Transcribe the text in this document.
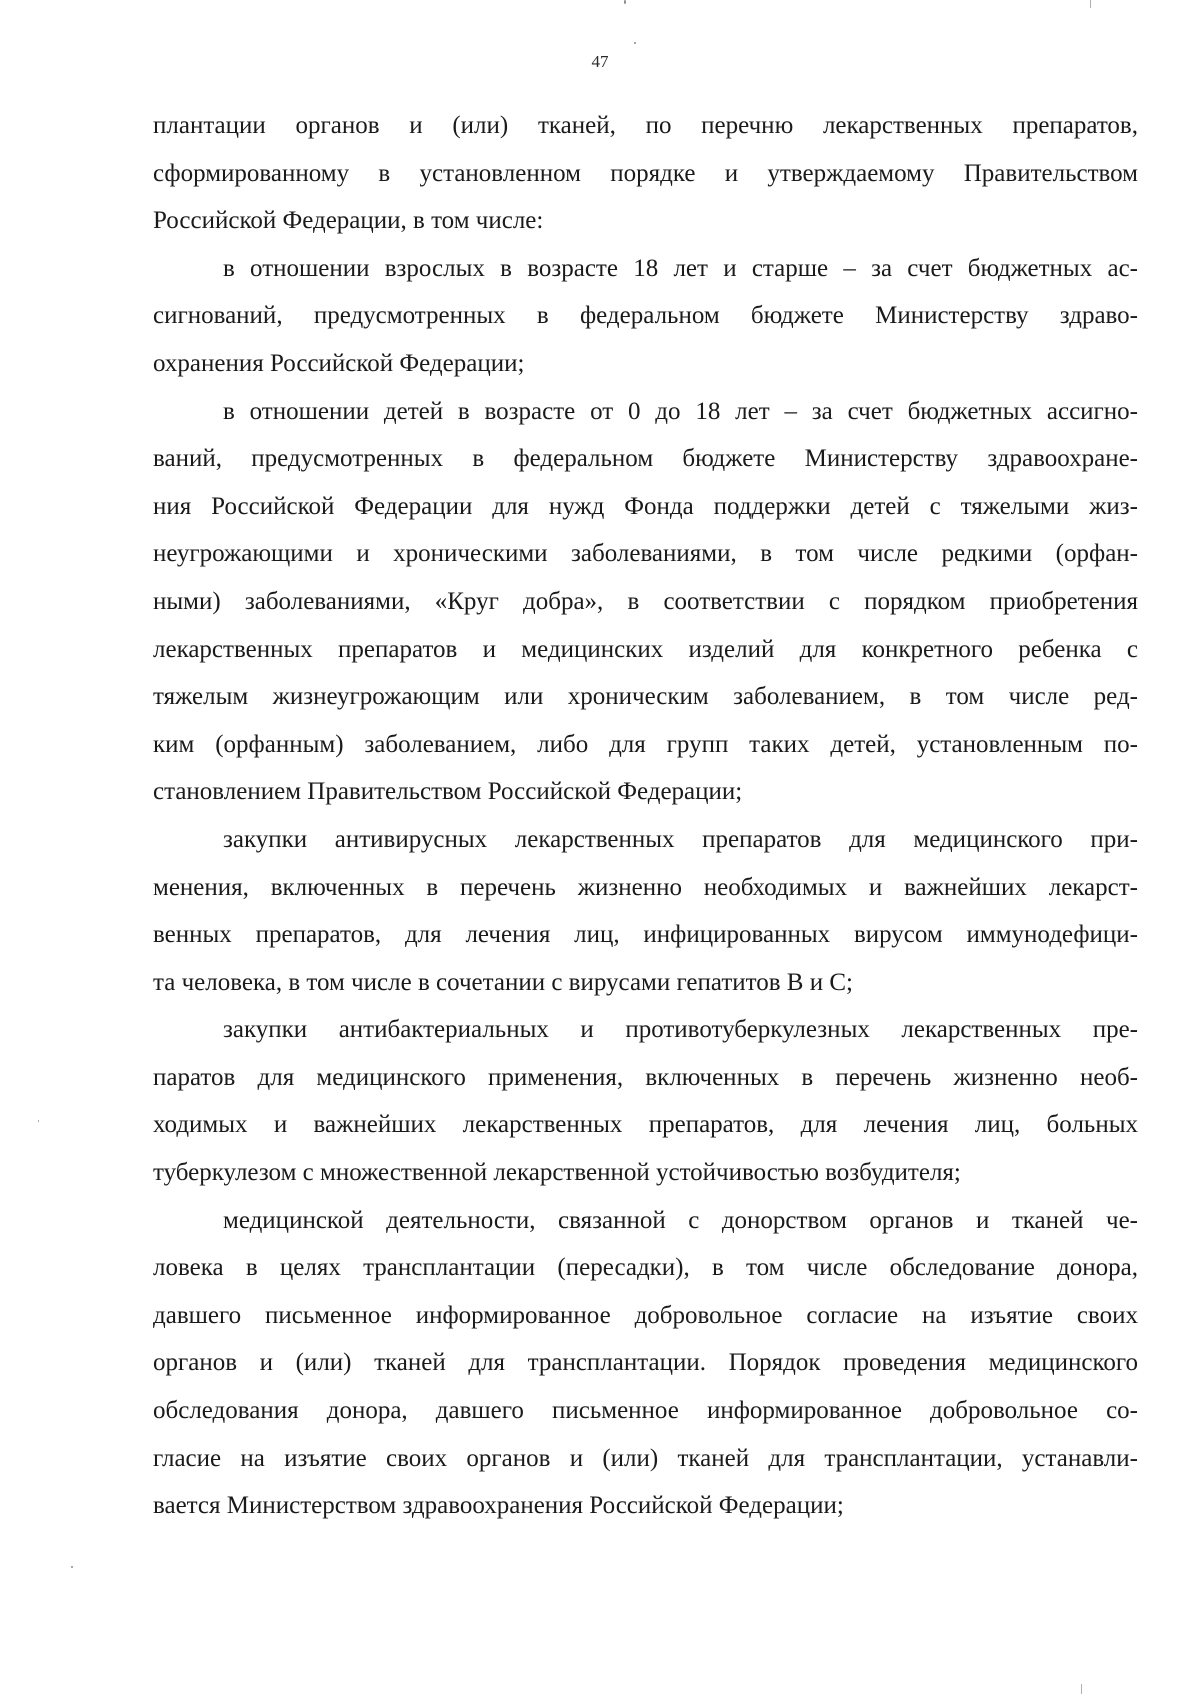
47
плантации органов и (или) тканей, по перечню лекарственных препаратов,
сформированному в установленном порядке и утверждаемому Правительством
Российской Федерации, в том числе:
в отношении взрослых в возрасте 18 лет и старше – за счет бюджетных ас-
сигнований, предусмотренных в федеральном бюджете Министерству здраво-
охранения Российской Федерации;
в отношении детей в возрасте от 0 до 18 лет – за счет бюджетных ассигно-
ваний, предусмотренных в федеральном бюджете Министерству здравоохране-
ния Российской Федерации для нужд Фонда поддержки детей с тяжелыми жиз-
неугрожающими и хроническими заболеваниями, в том числе редкими (орфан-
ными) заболеваниями, «Круг добра», в соответствии с порядком приобретения
лекарственных препаратов и медицинских изделий для конкретного ребенка с
тяжелым жизнеугрожающим или хроническим заболеванием, в том числе ред-
ким (орфанным) заболеванием, либо для групп таких детей, установленным по-
становлением Правительством Российской Федерации;
закупки антивирусных лекарственных препаратов для медицинского при-
менения, включенных в перечень жизненно необходимых и важнейших лекарст-
венных препаратов, для лечения лиц, инфицированных вирусом иммунодефици-
та человека, в том числе в сочетании с вирусами гепатитов В и С;
закупки антибактериальных и противотуберкулезных лекарственных пре-
паратов для медицинского применения, включенных в перечень жизненно необ-
ходимых и важнейших лекарственных препаратов, для лечения лиц, больных
туберкулезом с множественной лекарственной устойчивостью возбудителя;
медицинской деятельности, связанной с донорством органов и тканей че-
ловека в целях трансплантации (пересадки), в том числе обследование донора,
давшего письменное информированное добровольное согласие на изъятие своих
органов и (или) тканей для трансплантации. Порядок проведения медицинского
обследования донора, давшего письменное информированное добровольное со-
гласие на изъятие своих органов и (или) тканей для трансплантации, устанавли-
вается Министерством здравоохранения Российской Федерации;
